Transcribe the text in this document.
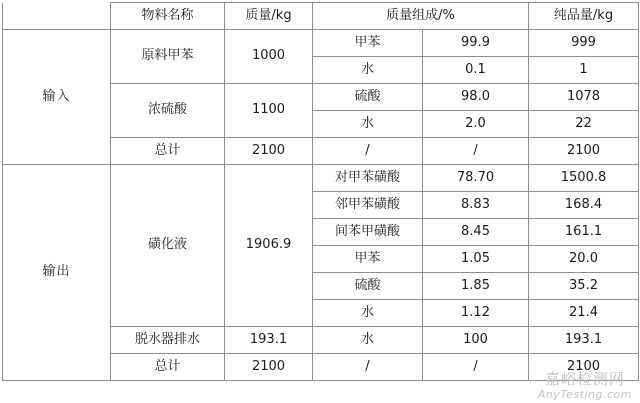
	物料名称	质量/kg	质量组成/%		纯品量/kg
输入	原料甲苯	1000	甲苯	99.9	999
			水	0.1	1
	浓硫酸	1100	硫酸	98.0	1078
			水	2.0	22
	总计	2100	/	/	2100
输出	磺化液	1906.9	对甲苯磺酸	78.70	1500.8
			邻甲苯磺酸	8.83	168.4
			间苯甲磺酸	8.45	161.1
			甲苯	1.05	20.0
			硫酸	1.85	35.2
			水	1.12	21.4
	脱水器排水	193.1	水	100	193.1
	总计	2100	/	/	2100
嘉峪检测网
AnyTesting.com
